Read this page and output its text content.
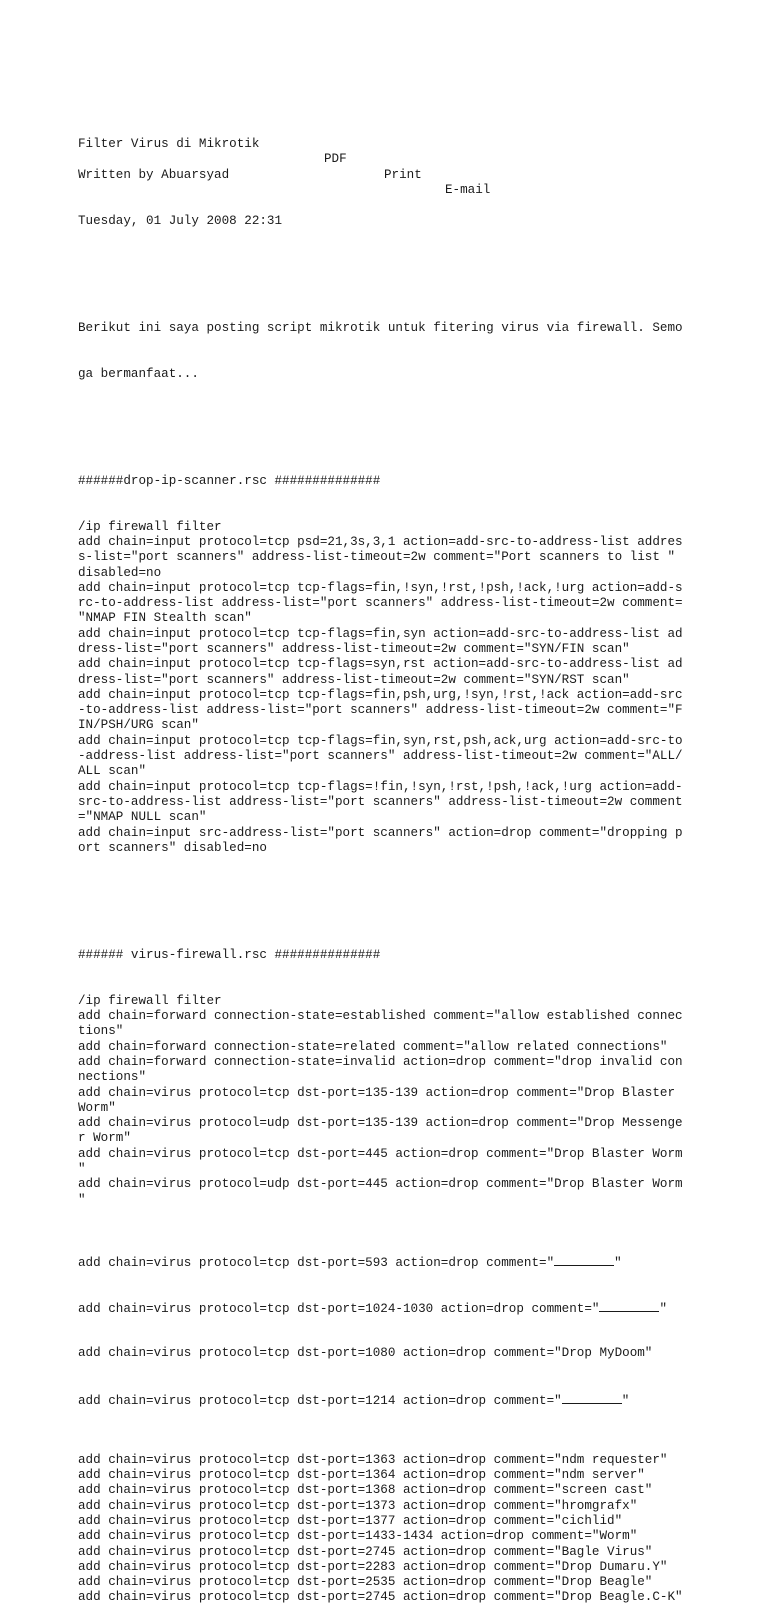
Filter Virus di Mikrotik

PDF

Print

E-mail

Written by Abuarsyad

Tuesday, 01 July 2008 22:31

Berikut ini saya posting script mikrotik untuk fitering virus via firewall. Semo

ga bermanfaat...

######drop-ip-scanner.rsc ##############

/ip firewall filter
add chain=input protocol=tcp psd=21,3s,3,1 action=add-src-to-address-list addres
s-list="port scanners" address-list-timeout=2w comment="Port scanners to list "
disabled=no
add chain=input protocol=tcp tcp-flags=fin,!syn,!rst,!psh,!ack,!urg action=add-s
rc-to-address-list address-list="port scanners" address-list-timeout=2w comment=
"NMAP FIN Stealth scan"
add chain=input protocol=tcp tcp-flags=fin,syn action=add-src-to-address-list ad
dress-list="port scanners" address-list-timeout=2w comment="SYN/FIN scan"
add chain=input protocol=tcp tcp-flags=syn,rst action=add-src-to-address-list ad
dress-list="port scanners" address-list-timeout=2w comment="SYN/RST scan"
add chain=input protocol=tcp tcp-flags=fin,psh,urg,!syn,!rst,!ack action=add-src
-to-address-list address-list="port scanners" address-list-timeout=2w comment="F
IN/PSH/URG scan"
add chain=input protocol=tcp tcp-flags=fin,syn,rst,psh,ack,urg action=add-src-to
-address-list address-list="port scanners" address-list-timeout=2w comment="ALL/
ALL scan"
add chain=input protocol=tcp tcp-flags=!fin,!syn,!rst,!psh,!ack,!urg action=add-
src-to-address-list address-list="port scanners" address-list-timeout=2w comment
="NMAP NULL scan"
add chain=input src-address-list="port scanners" action=drop comment="dropping p
ort scanners" disabled=no

###### virus-firewall.rsc ##############

/ip firewall filter
add chain=forward connection-state=established comment="allow established connec
tions"
add chain=forward connection-state=related comment="allow related connections"
add chain=forward connection-state=invalid action=drop comment="drop invalid con
nections"
add chain=virus protocol=tcp dst-port=135-139 action=drop comment="Drop Blaster
Worm"
add chain=virus protocol=udp dst-port=135-139 action=drop comment="Drop Messenge
r Worm"
add chain=virus protocol=tcp dst-port=445 action=drop comment="Drop Blaster Worm
"
add chain=virus protocol=udp dst-port=445 action=drop comment="Drop Blaster Worm
"

add chain=virus protocol=tcp dst-port=593 action=drop comment="	"

add chain=virus protocol=tcp dst-port=1024-1030 action=drop comment="	"

add chain=virus protocol=tcp dst-port=1080 action=drop comment="Drop MyDoom"

add chain=virus protocol=tcp dst-port=1214 action=drop comment="	"

add chain=virus protocol=tcp dst-port=1363 action=drop comment="ndm requester"
add chain=virus protocol=tcp dst-port=1364 action=drop comment="ndm server"
add chain=virus protocol=tcp dst-port=1368 action=drop comment="screen cast"
add chain=virus protocol=tcp dst-port=1373 action=drop comment="hromgrafx"
add chain=virus protocol=tcp dst-port=1377 action=drop comment="cichlid"
add chain=virus protocol=tcp dst-port=1433-1434 action=drop comment="Worm"
add chain=virus protocol=tcp dst-port=2745 action=drop comment="Bagle Virus"
add chain=virus protocol=tcp dst-port=2283 action=drop comment="Drop Dumaru.Y"
add chain=virus protocol=tcp dst-port=2535 action=drop comment="Drop Beagle"
add chain=virus protocol=tcp dst-port=2745 action=drop comment="Drop Beagle.C-K"
